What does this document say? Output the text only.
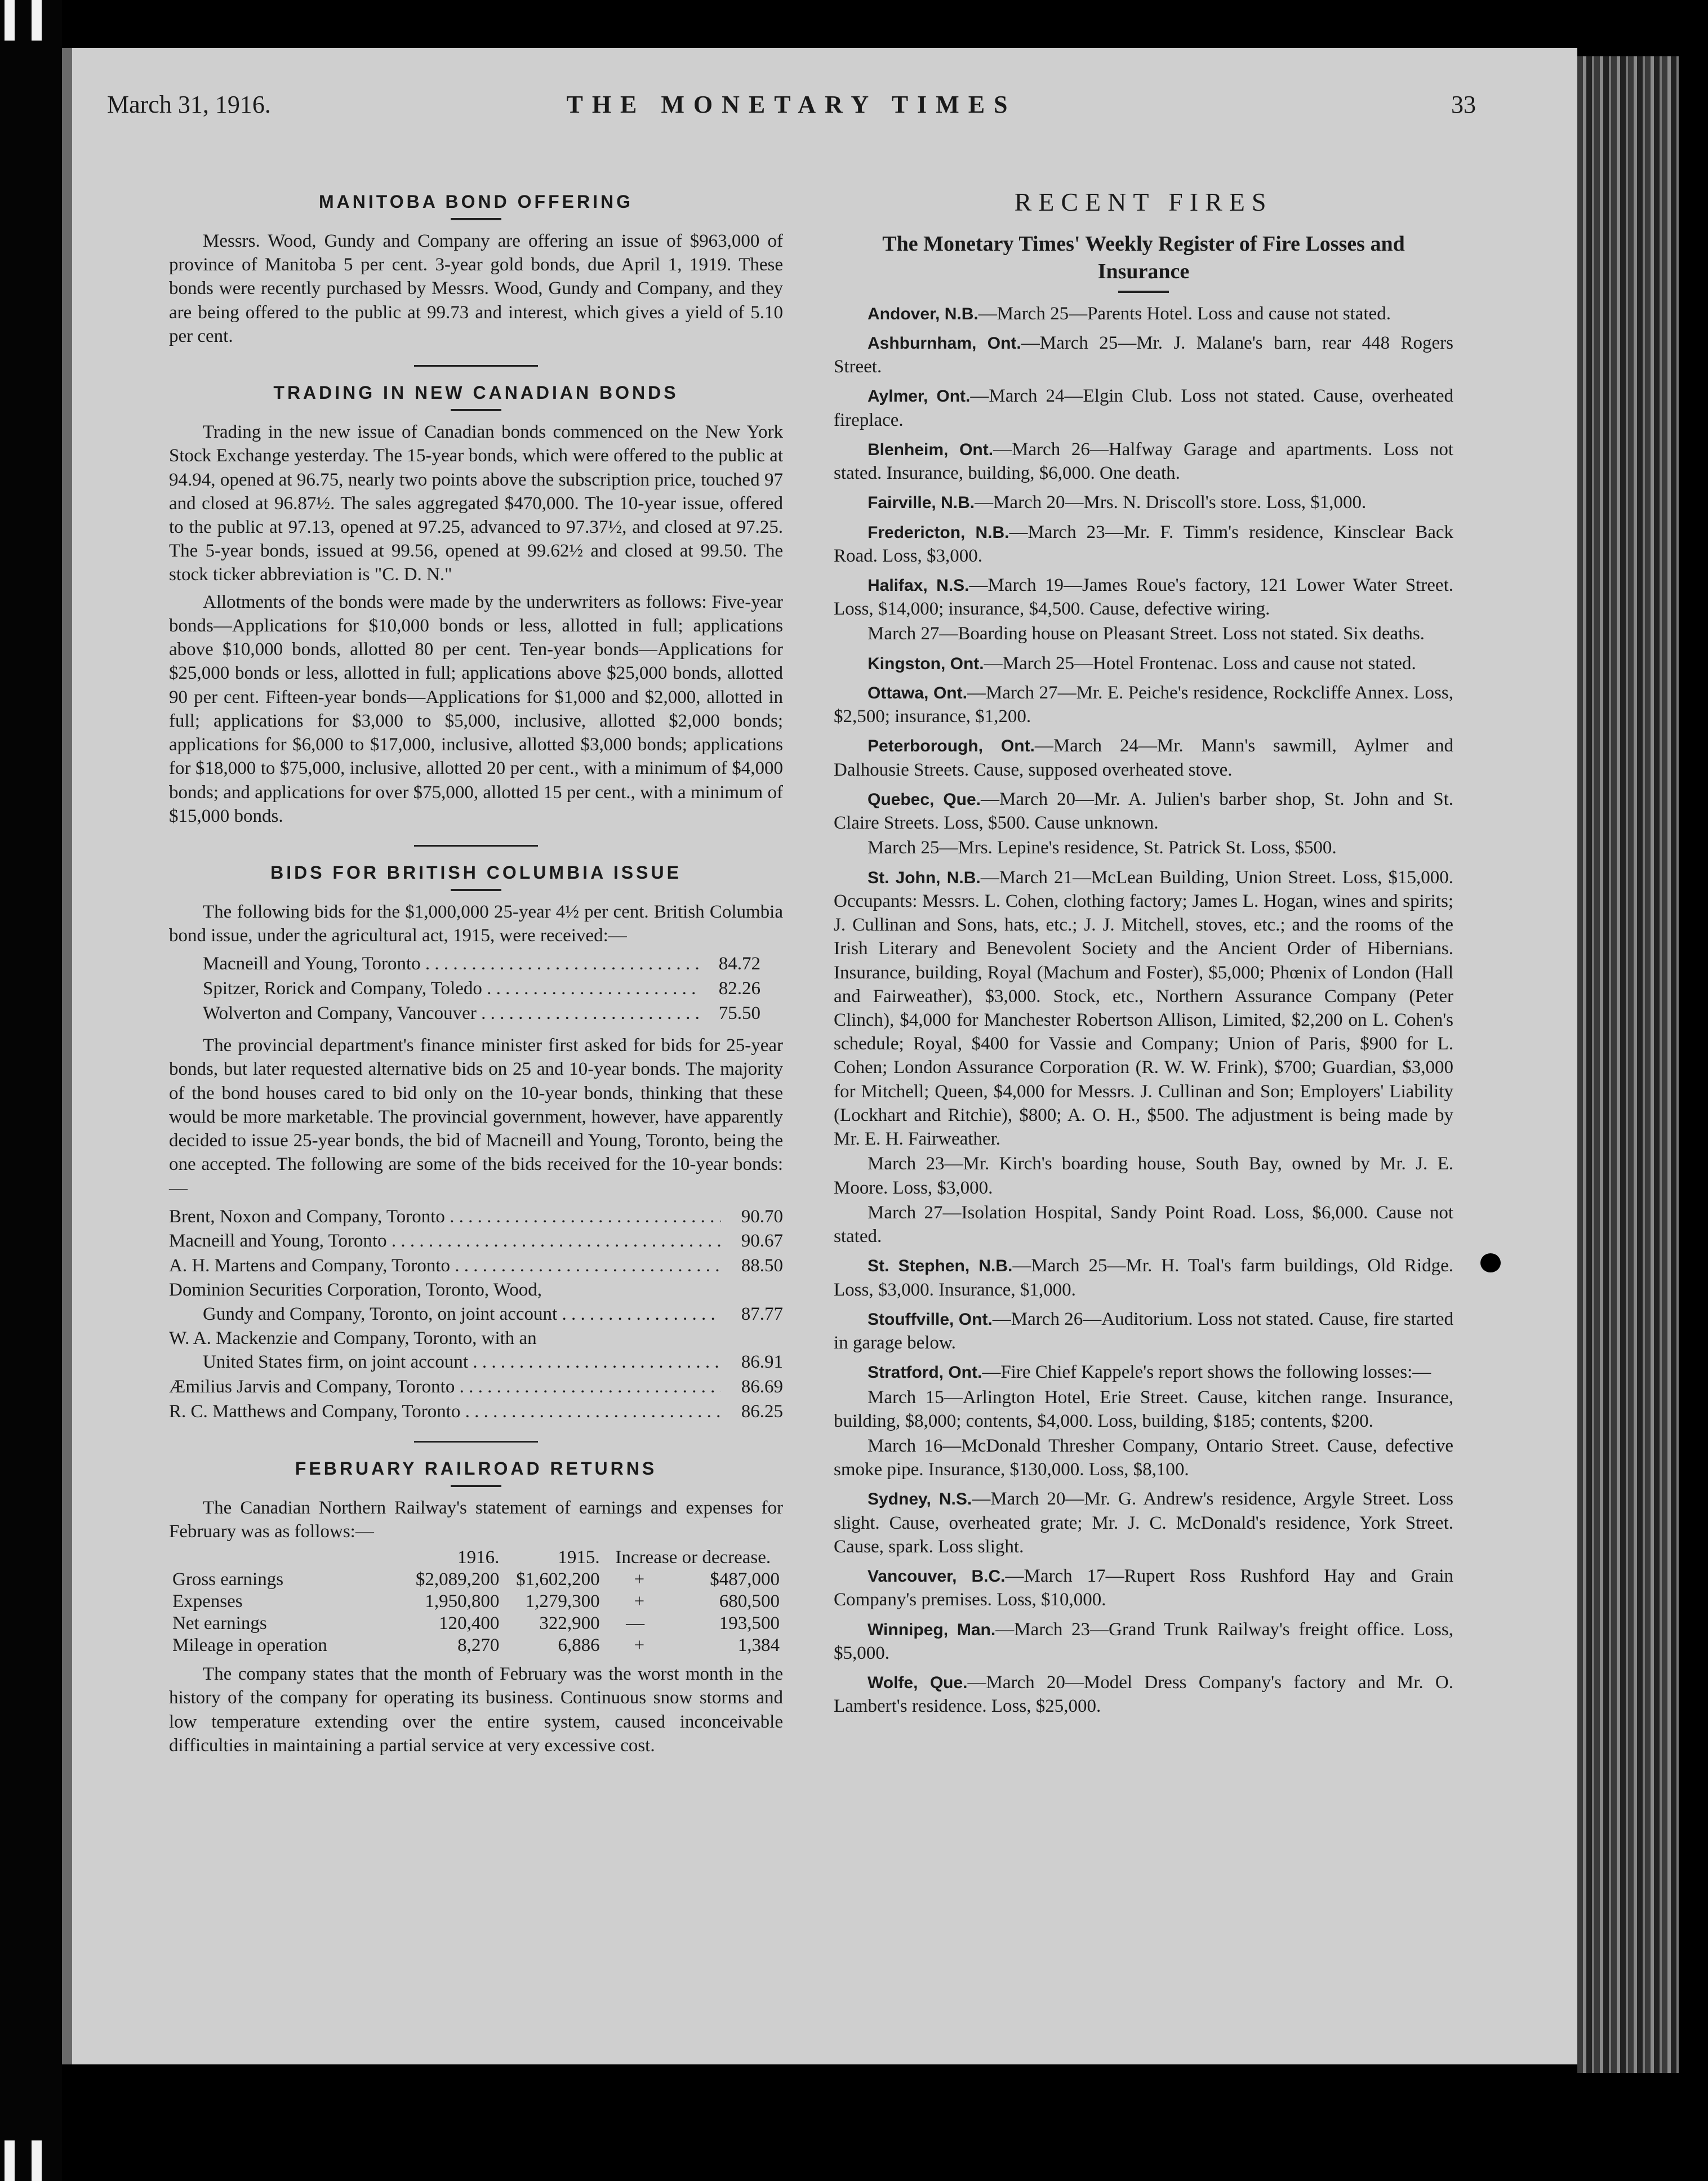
THE MONETARY TIMES
March 31, 1916.	33
MANITOBA BOND OFFERING

Messrs. Wood, Gundy and Company are offering an issue of $963,000 of province of Manitoba 5 per cent. 3-year gold bonds, due April 1, 1919. These bonds were recently purchased by Messrs. Wood, Gundy and Company, and they are being offered to the public at 99.73 and interest, which gives a yield of 5.10 per cent.

TRADING IN NEW CANADIAN BONDS

Trading in the new issue of Canadian bonds commenced on the New York Stock Exchange yesterday. The 15-year bonds, which were offered to the public at 94.94, opened at 96.75, nearly two points above the subscription price, touched 97 and closed at 96.87½. The sales aggregated $470,000. The 10-year issue, offered to the public at 97.13, opened at 97.25, advanced to 97.37½, and closed at 97.25. The 5-year bonds, issued at 99.56, opened at 99.62½ and closed at 99.50. The stock ticker abbreviation is "C. D. N."

Allotments of the bonds were made by the underwriters as follows: Five-year bonds—Applications for $10,000 bonds or less, allotted in full; applications above $10,000 bonds, allotted 80 per cent. Ten-year bonds—Applications for $25,000 bonds or less, allotted in full; applications above $25,000 bonds, allotted 90 per cent. Fifteen-year bonds—Applications for $1,000 and $2,000, allotted in full; applications for $3,000 to $5,000, inclusive, allotted $2,000 bonds; applications for $6,000 to $17,000, inclusive, allotted $3,000 bonds; applications for $18,000 to $75,000, inclusive, allotted 20 per cent., with a minimum of $4,000 bonds; and applications for over $75,000, allotted 15 per cent., with a minimum of $15,000 bonds.

BIDS FOR BRITISH COLUMBIA ISSUE

The following bids for the $1,000,000 25-year 4½ per cent. British Columbia bond issue, under the agricultural act, 1915, were received:—

Macneill and Young, Toronto . . .	84.72
Spitzer, Rorick and Company, Toledo . . .	82.26
Wolverton and Company, Vancouver . . .	75.50

The provincial department's finance minister first asked for bids for 25-year bonds, but later requested alternative bids on 25 and 10-year bonds. The majority of the bond houses cared to bid only on the 10-year bonds, thinking that these would be more marketable. The provincial government, however, have apparently decided to issue 25-year bonds, the bid of Macneill and Young, Toronto, being the one accepted. The following are some of the bids received for the 10-year bonds:—

Brent, Noxon and Company, Toronto . . .	90.70
Macneill and Young, Toronto . . .	90.67
A. H. Martens and Company, Toronto . . .	88.50
Dominion Securities Corporation, Toronto, Wood,
Gundy and Company, Toronto, on joint account . . .	87.77
W. A. Mackenzie and Company, Toronto, with an
United States firm, on joint account . . .	86.91
Æmilius Jarvis and Company, Toronto . . .	86.69
R. C. Matthews and Company, Toronto . . .	86.25
FEBRUARY RAILROAD RETURNS

The Canadian Northern Railway's statement of earnings and expenses for February was as follows:—

	1916.	1915.	Increase or decrease.	
Gross earnings	$2,089,200	$1,602,200	+	$487,000
Expenses	1,950,800	1,279,300	+	680,500
Net earnings	120,400	322,900	—	193,500
Mileage in operation	8,270	6,886	+	1,384

The company states that the month of February was the worst month in the history of the company for operating its business. Continuous snow storms and low temperature extending over the entire system, caused inconceivable difficulties in maintaining a partial service at very excessive cost.

RECENT FIRES
The Monetary Times' Weekly Register of Fire Losses and Insurance
Andover, N.B.—March 25—Parents Hotel. Loss and cause not stated.
Ashburnham, Ont.—March 25—Mr. J. Malane's barn, rear 448 Rogers Street.
Aylmer, Ont.—March 24—Elgin Club. Loss not stated. Cause, overheated fireplace.
Blenheim, Ont.—March 26—Halfway Garage and apartments. Loss not stated. Insurance, building, $6,000. One death.
Fairville, N.B.—March 20—Mrs. N. Driscoll's store. Loss, $1,000.
Fredericton, N.B.—March 23—Mr. F. Timm's residence, Kinsclear Back Road. Loss, $3,000.
Halifax, N.S.—March 19—James Roue's factory, 121 Lower Water Street. Loss, $14,000; insurance, $4,500. Cause, defective wiring.
March 27—Boarding house on Pleasant Street. Loss not stated. Six deaths.
Kingston, Ont.—March 25—Hotel Frontenac. Loss and cause not stated.
Ottawa, Ont.—March 27—Mr. E. Peiche's residence, Rockcliffe Annex. Loss, $2,500; insurance, $1,200.
Peterborough, Ont.—March 24—Mr. Mann's sawmill, Aylmer and Dalhousie Streets. Cause, supposed overheated stove.
Quebec, Que.—March 20—Mr. A. Julien's barber shop, St. John and St. Claire Streets. Loss, $500. Cause unknown.
March 25—Mrs. Lepine's residence, St. Patrick St. Loss, $500.
St. John, N.B.—March 21—McLean Building, Union Street. Loss, $15,000. Occupants: Messrs. L. Cohen, clothing factory; James L. Hogan, wines and spirits; J. Cullinan and Sons, hats, etc.; J. J. Mitchell, stoves, etc.; and the rooms of the Irish Literary and Benevolent Society and the Ancient Order of Hibernians. Insurance, building, Royal (Machum and Foster), $5,000; Phœnix of London (Hall and Fairweather), $3,000. Stock, etc., Northern Assurance Company (Peter Clinch), $4,000 for Manchester Robertson Allison, Limited, $2,200 on L. Cohen's schedule; Royal, $400 for Vassie and Company; Union of Paris, $900 for L. Cohen; London Assurance Corporation (R. W. W. Frink), $700; Guardian, $3,000 for Mitchell; Queen, $4,000 for Messrs. J. Cullinan and Son; Employers' Liability (Lockhart and Ritchie), $800; A. O. H., $500. The adjustment is being made by Mr. E. H. Fairweather.
March 23—Mr. Kirch's boarding house, South Bay, owned by Mr. J. E. Moore. Loss, $3,000.
March 27—Isolation Hospital, Sandy Point Road. Loss, $6,000. Cause not stated.
St. Stephen, N.B.—March 25—Mr. H. Toal's farm buildings, Old Ridge. Loss, $3,000. Insurance, $1,000.
Stouffville, Ont.—March 26—Auditorium. Loss not stated. Cause, fire started in garage below.
Stratford, Ont.—Fire Chief Kappele's report shows the following losses:—
March 15—Arlington Hotel, Erie Street. Cause, kitchen range. Insurance, building, $8,000; contents, $4,000. Loss, building, $185; contents, $200.
March 16—McDonald Thresher Company, Ontario Street. Cause, defective smoke pipe. Insurance, $130,000. Loss, $8,100.
Sydney, N.S.—March 20—Mr. G. Andrew's residence, Argyle Street. Loss slight. Cause, overheated grate; Mr. J. C. McDonald's residence, York Street. Cause, spark. Loss slight.
Vancouver, B.C.—March 17—Rupert Ross Rushford Hay and Grain Company's premises. Loss, $10,000.
Winnipeg, Man.—March 23—Grand Trunk Railway's freight office. Loss, $5,000.
Wolfe, Que.—March 20—Model Dress Company's factory and Mr. O. Lambert's residence. Loss, $25,000.
